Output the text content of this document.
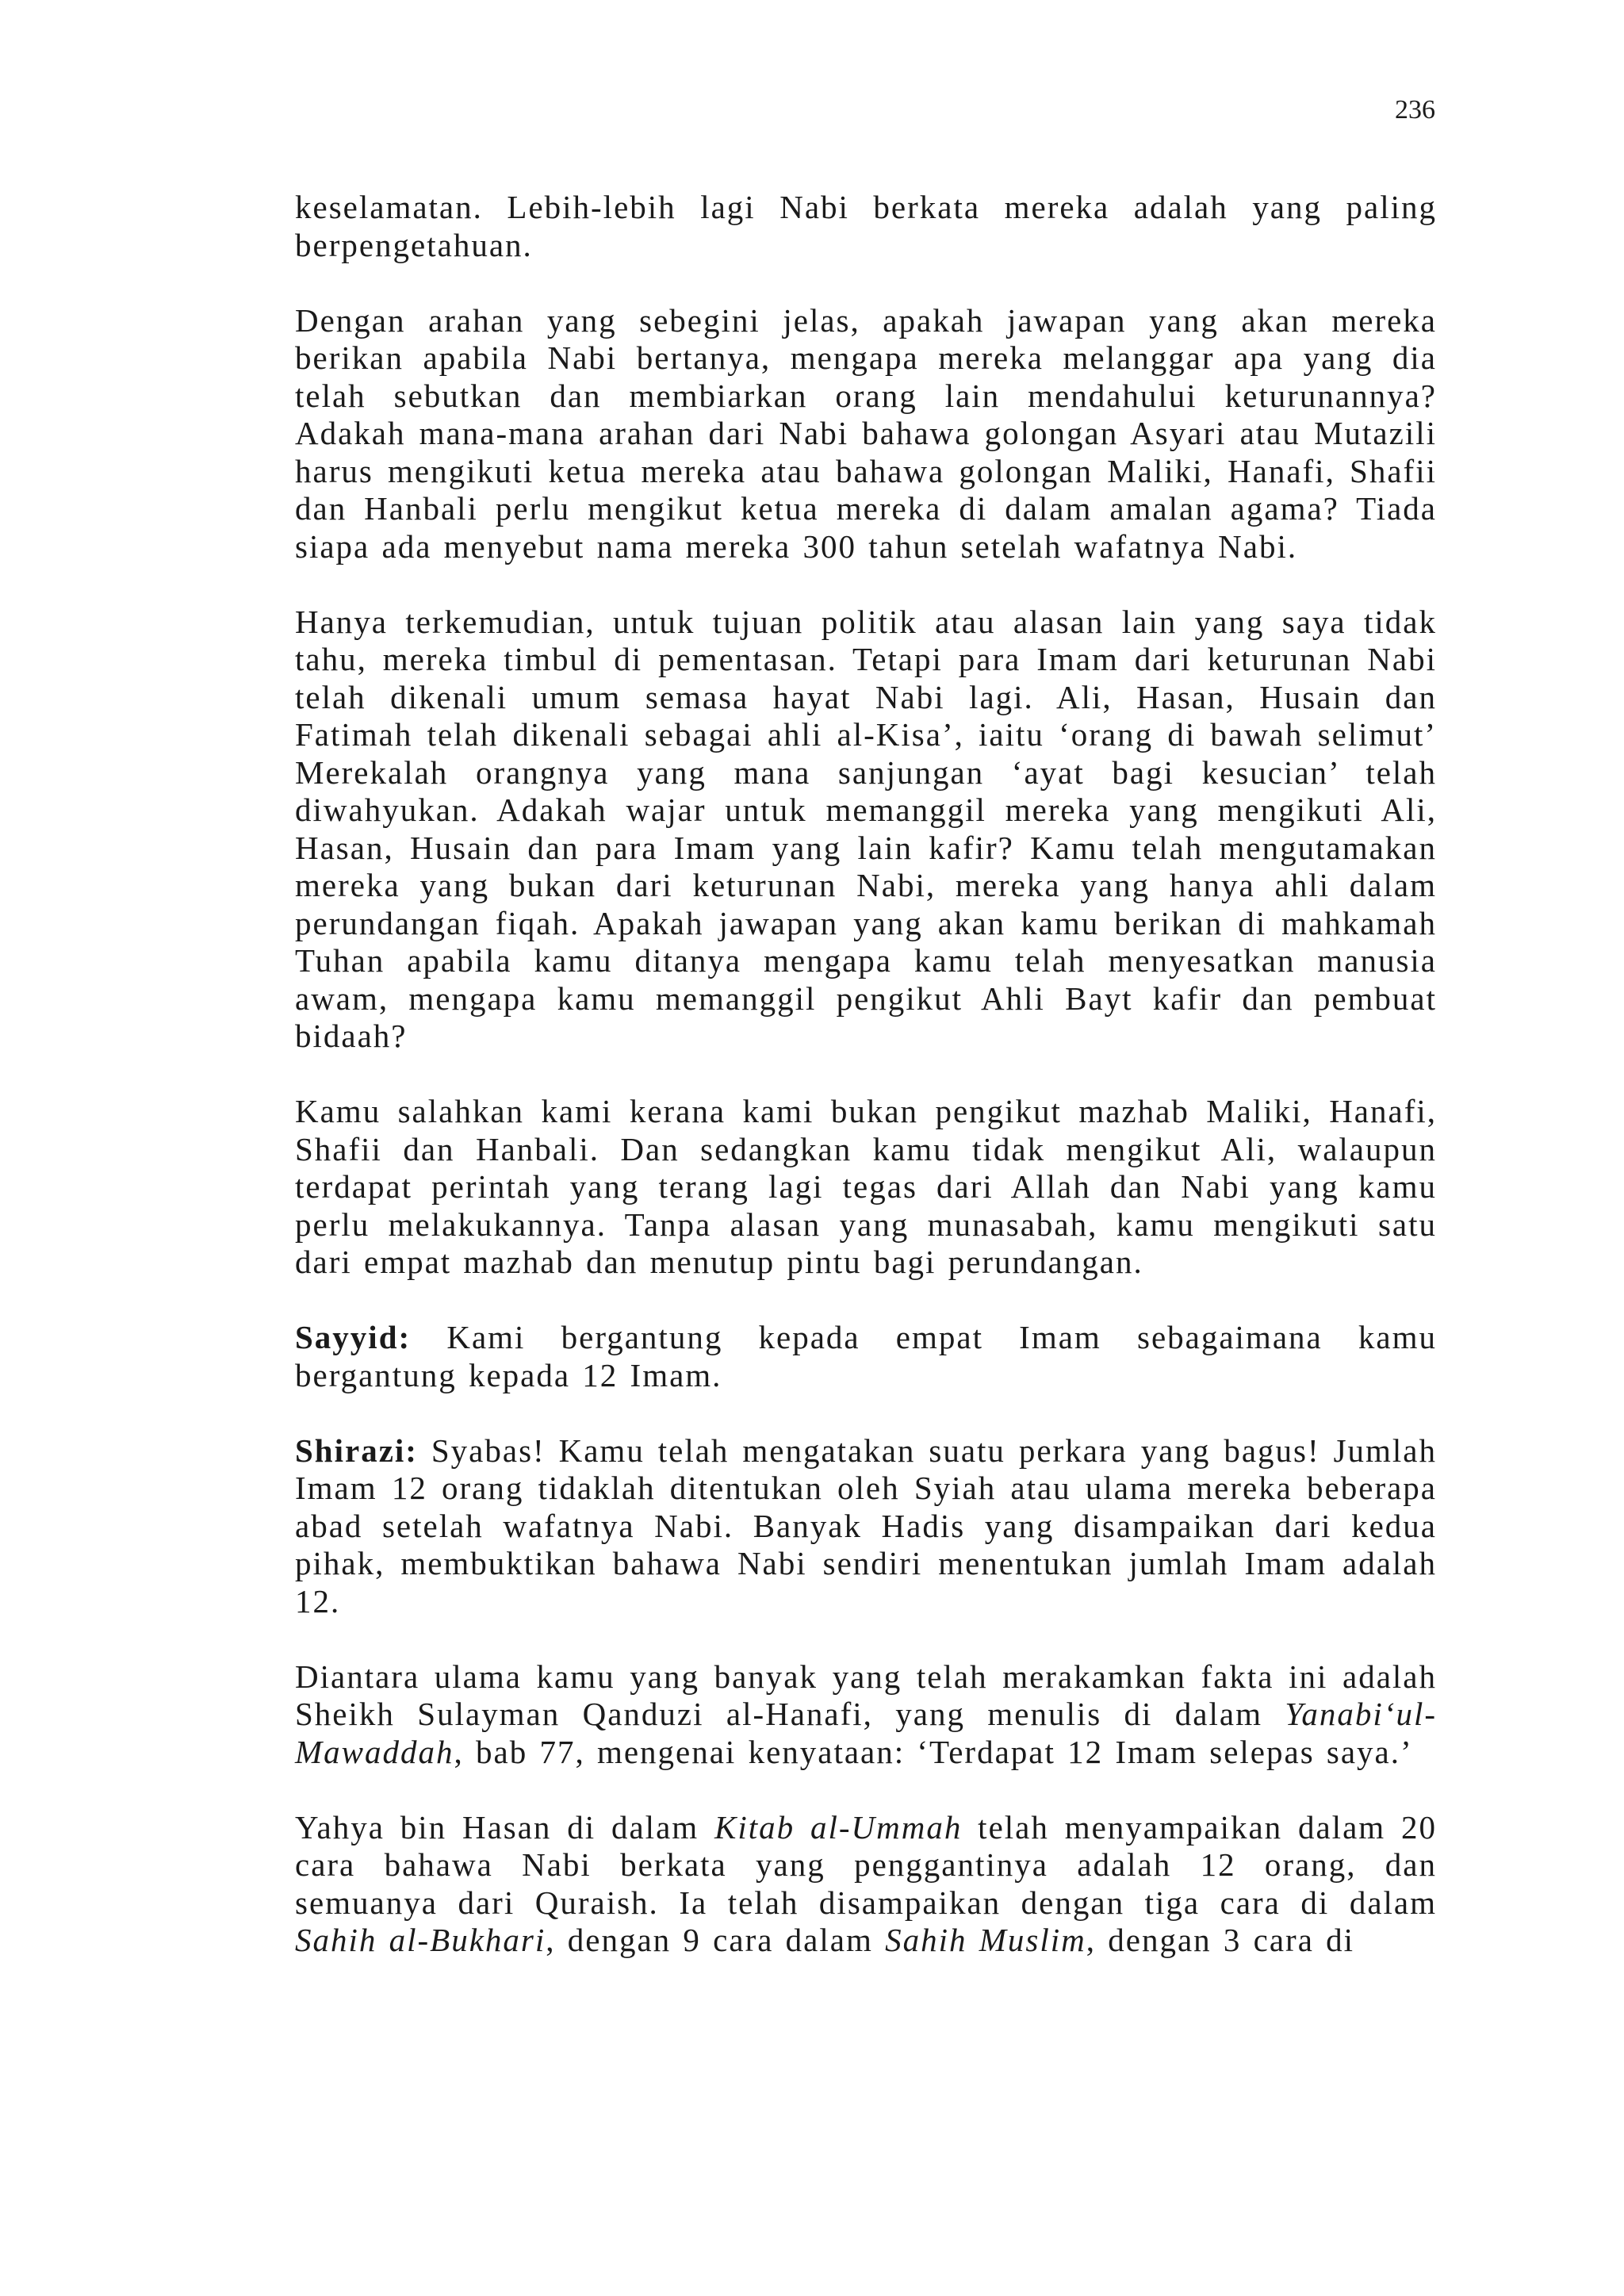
236

keselamatan. Lebih-lebih lagi Nabi berkata mereka adalah yang paling berpengetahuan.

Dengan arahan yang sebegini jelas, apakah jawapan yang akan mereka berikan apabila Nabi bertanya, mengapa mereka melanggar apa yang dia telah sebutkan dan membiarkan orang lain mendahului keturunannya? Adakah mana-mana arahan dari Nabi bahawa golongan Asyari atau Mutazili harus mengikuti ketua mereka atau bahawa golongan Maliki, Hanafi, Shafii dan Hanbali perlu mengikut ketua mereka di dalam amalan agama? Tiada siapa ada menyebut nama mereka 300 tahun setelah wafatnya Nabi.

Hanya terkemudian, untuk tujuan politik atau alasan lain yang saya tidak tahu, mereka timbul di pementasan. Tetapi para Imam dari keturunan Nabi telah dikenali umum semasa hayat Nabi lagi. Ali, Hasan, Husain dan Fatimah telah dikenali sebagai ahli al-Kisa’, iaitu ‘orang di bawah selimut’ Merekalah orangnya yang mana sanjungan ‘ayat bagi kesucian’ telah diwahyukan. Adakah wajar untuk memanggil mereka yang mengikuti Ali, Hasan, Husain dan para Imam yang lain kafir? Kamu telah mengutamakan mereka yang bukan dari keturunan Nabi, mereka yang hanya ahli dalam perundangan fiqah. Apakah jawapan yang akan kamu berikan di mahkamah Tuhan apabila kamu ditanya mengapa kamu telah menyesatkan manusia awam, mengapa kamu memanggil pengikut Ahli Bayt kafir dan pembuat bidaah?

Kamu salahkan kami kerana kami bukan pengikut mazhab Maliki, Hanafi, Shafii dan Hanbali. Dan sedangkan kamu tidak mengikut Ali, walaupun terdapat perintah yang terang lagi tegas dari Allah dan Nabi yang kamu perlu melakukannya. Tanpa alasan yang munasabah, kamu mengikuti satu dari empat mazhab dan menutup pintu bagi perundangan.

Sayyid: Kami bergantung kepada empat Imam sebagaimana kamu bergantung kepada 12 Imam.

Shirazi: Syabas! Kamu telah mengatakan suatu perkara yang bagus! Jumlah Imam 12 orang tidaklah ditentukan oleh Syiah atau ulama mereka beberapa abad setelah wafatnya Nabi. Banyak Hadis yang disampaikan dari kedua pihak, membuktikan bahawa Nabi sendiri menentukan jumlah Imam adalah 12.

Diantara ulama kamu yang banyak yang telah merakamkan fakta ini adalah Sheikh Sulayman Qanduzi al-Hanafi, yang menulis di dalam Yanabi‘ul-Mawaddah, bab 77, mengenai kenyataan: ‘Terdapat 12 Imam selepas saya.’

Yahya bin Hasan di dalam Kitab al-Ummah telah menyampaikan dalam 20 cara bahawa Nabi berkata yang penggantinya adalah 12 orang, dan semuanya dari Quraish. Ia telah disampaikan dengan tiga cara di dalam Sahih al-Bukhari, dengan 9 cara dalam Sahih Muslim, dengan 3 cara di
